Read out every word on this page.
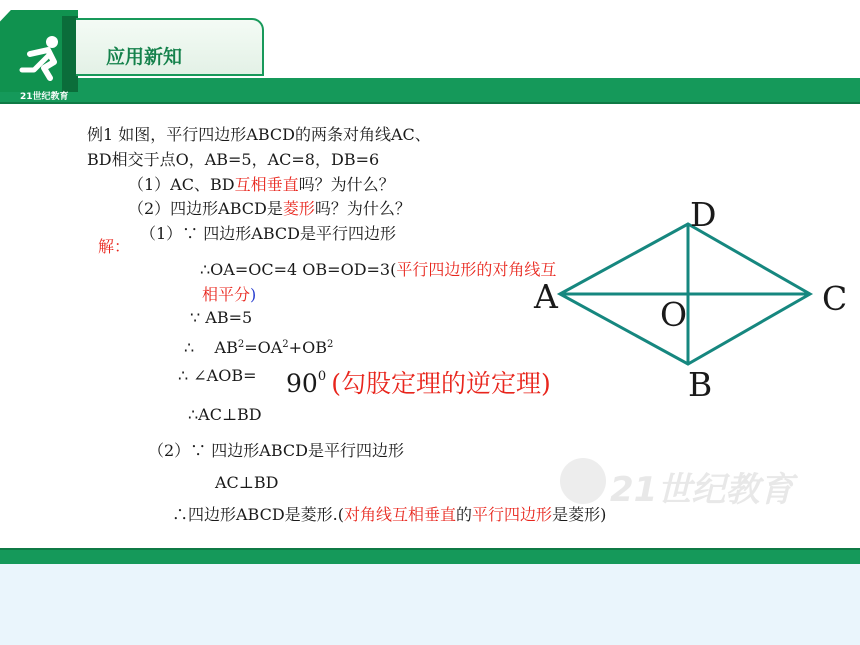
21世纪教育
应用新知
21世纪教育
例1 如图，平行四边形ABCD的两条对角线AC、
BD相交于点O，AB=5，AC=8，DB=6
（1）AC、BD互相垂直吗？为什么？
（2）四边形ABCD是菱形吗？为什么？
解：
（1）∵ 四边形ABCD是平行四边形
∴OA=OC=4 OB=OD=3(平行四边形的对角线互
相平分)
∵ AB=5
∴ $AB^2=OA^2+OB^2$
∴ ∠AOB= $90^0$ (勾股定理的逆定理)
∴AC⊥BD
（2）∵ 四边形ABCD是平行四边形
AC⊥BD
∴四边形ABCD是菱形.(对角线互相垂直的平行四边形是菱形)
A
D
C
O
B
